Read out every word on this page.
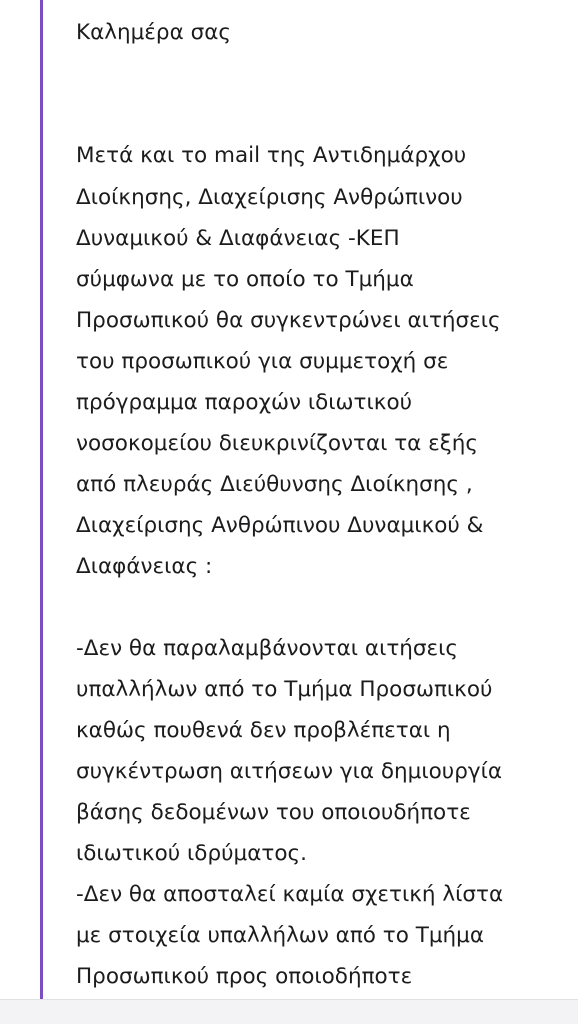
Καλημέρα σας
Μετά και το mail της Αντιδημάρχου
Διοίκησης, Διαχείρισης Ανθρώπινου
Δυναμικού & Διαφάνειας -ΚΕΠ
σύμφωνα με το οποίο το Τμήμα
Προσωπικού θα συγκεντρώνει αιτήσεις
του προσωπικού για συμμετοχή σε
πρόγραμμα παροχών ιδιωτικού
νοσοκομείου διευκρινίζονται τα εξής
από πλευράς Διεύθυνσης Διοίκησης ,
Διαχείρισης Ανθρώπινου Δυναμικού &
Διαφάνειας :
-Δεν θα παραλαμβάνονται αιτήσεις
υπαλλήλων από το Τμήμα Προσωπικού
καθώς πουθενά δεν προβλέπεται η
συγκέντρωση αιτήσεων για δημιουργία
βάσης δεδομένων του οποιουδήποτε
ιδιωτικού ιδρύματος.
-Δεν θα αποσταλεί καμία σχετική λίστα
με στοιχεία υπαλλήλων από το Τμήμα
Προσωπικού προς οποιοδήποτε
